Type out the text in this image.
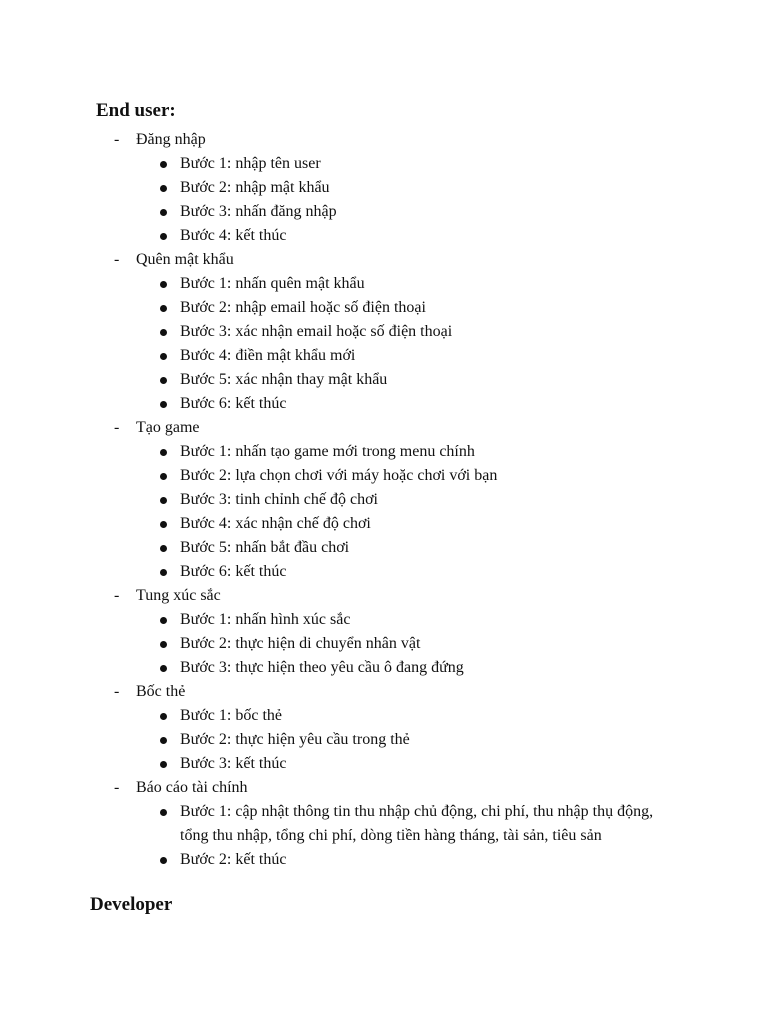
End user:
-	Đăng nhập
Bước 1: nhập tên user
Bước 2: nhập mật khẩu
Bước 3: nhấn đăng nhập
Bước 4: kết thúc
-	Quên mật khẩu
Bước 1: nhấn quên mật khẩu
Bước 2: nhập email hoặc số điện thoại
Bước 3: xác nhận email hoặc số điện thoại
Bước 4: điền mật khẩu mới
Bước 5: xác nhận thay mật khẩu
Bước 6: kết thúc
-	Tạo game
Bước 1: nhấn tạo game mới trong menu chính
Bước 2: lựa chọn chơi với máy hoặc chơi với bạn
Bước 3: tinh chỉnh chế độ chơi
Bước 4: xác nhận chế độ chơi
Bước 5: nhấn bắt đầu chơi
Bước 6: kết thúc
-	Tung xúc sắc
Bước 1: nhấn hình xúc sắc
Bước 2: thực hiện di chuyển nhân vật
Bước 3: thực hiện theo yêu cầu ô đang đứng
-	Bốc thẻ
Bước 1: bốc thẻ
Bước 2: thực hiện yêu cầu trong thẻ
Bước 3: kết thúc
-	Báo cáo tài chính
Bước 1: cập nhật thông tin thu nhập chủ động, chi phí, thu nhập thụ động, tổng thu nhập, tổng chi phí, dòng tiền hàng tháng, tài sản, tiêu sản
Bước 2: kết thúc
Developer
